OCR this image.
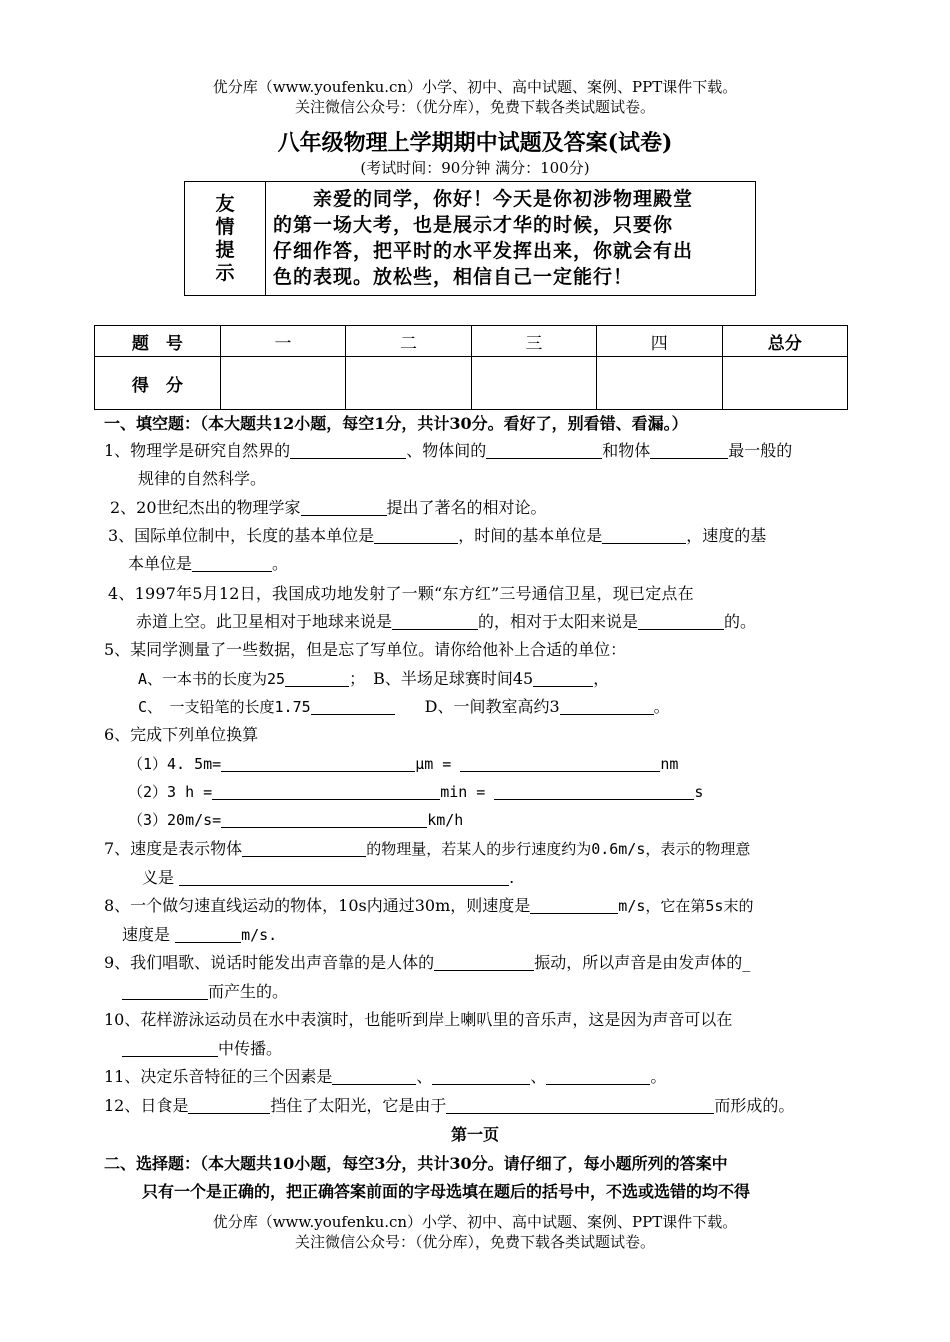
优分库（www.youfenku.cn）小学、初中、高中试题、案例、PPT课件下载。
关注微信公众号：（优分库），免费下载各类试题试卷。
八年级物理上学期期中试题及答案(试卷)
(考试时间：90分钟 满分：100分)
友
情
提
示
　　亲爱的同学，你好！今天是你初涉物理殿堂
的第一场大考，也是展示才华的时候，只要你
仔细作答，把平时的水平发挥出来，你就会有出
色的表现。放松些，相信自己一定能行！
题　号	一	二	三	四	总分
得　分					
一、填空题：（本大题共12小题，每空1分，共计30分。看好了，别看错、看漏。）
1、物理学是研究自然界的	、物体间的	和物体	最一般的
规律的自然科学。
2、20世纪杰出的物理学家	提出了著名的相对论。
3、国际单位制中，长度的基本单位是	，时间的基本单位是	，速度的基
本单位是	。
4、1997年5月12日，我国成功地发射了一颗“东方红”三号通信卫星，现已定点在
赤道上空。此卫星相对于地球来说是	的，相对于太阳来说是	的。
5、某同学测量了一些数据，但是忘了写单位。请你给他补上合适的单位：
A、一本书的长度为25	；　B、半场足球赛时间45	，
C、　一支铅笔的长度1.75	D、一间教室高约3	。
6、完成下列单位换算
（1）4. 5m=	μm =	nm
（2）3 h =	min =	s
（3）20m/s=	km/h
7、速度是表示物体	的物理量，若某人的步行速度约为0.6m/s，表示的物理意
义是	.
8、一个做匀速直线运动的物体，10s内通过30m，则速度是	m/s，它在第5s末的
速度是	m/s.
9、我们唱歌、说话时能发出声音靠的是人体的	振动，所以声音是由发声体的_
而产生的。
10、花样游泳运动员在水中表演时，也能听到岸上喇叭里的音乐声，这是因为声音可以在
中传播。
11、决定乐音特征的三个因素是	、	、	。
12、日食是	挡住了太阳光，它是由于	而形成的。
第一页
二、选择题：（本大题共10小题，每空3分，共计30分。请仔细了，每小题所列的答案中
只有一个是正确的，把正确答案前面的字母选填在题后的括号中，不选或选错的均不得
优分库（www.youfenku.cn）小学、初中、高中试题、案例、PPT课件下载。
关注微信公众号：（优分库），免费下载各类试题试卷。
